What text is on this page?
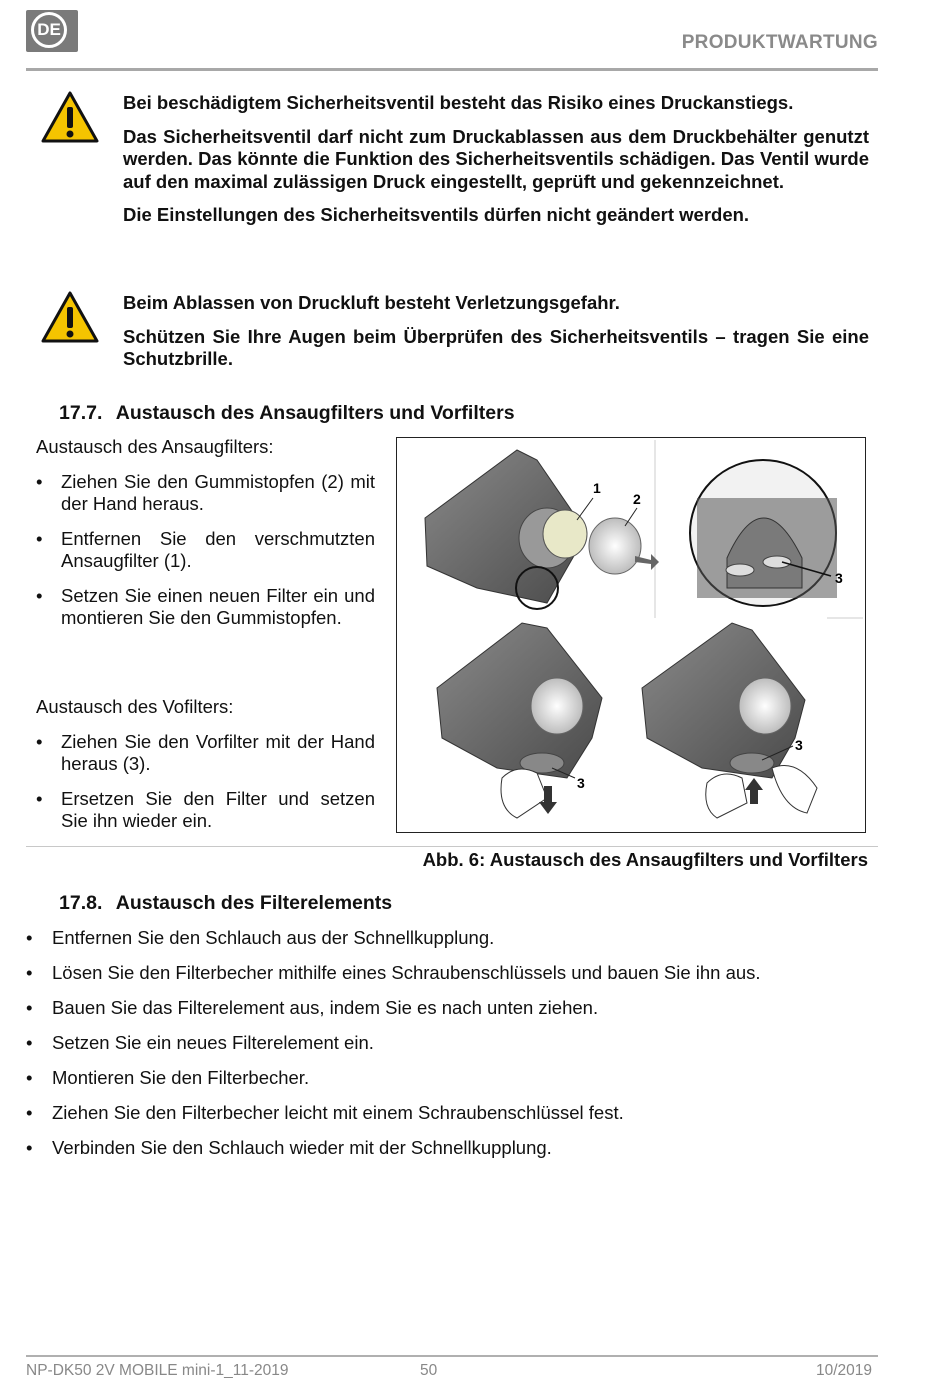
DE
PRODUKTWARTUNG

Bei beschädigtem Sicherheitsventil besteht das Risiko eines Druckanstiegs.

Das Sicherheitsventil darf nicht zum Druckablassen aus dem Druckbehälter genutzt werden. Das könnte die Funktion des Sicherheitsventils schädigen. Das Ventil wurde auf den maximal zulässigen Druck eingestellt, geprüft und gekennzeichnet.

Die Einstellungen des Sicherheitsventils dürfen nicht geändert werden.

Beim Ablassen von Druckluft besteht Verletzungsgefahr.

Schützen Sie Ihre Augen beim Überprüfen des Sicherheitsventils – tragen Sie eine Schutzbrille.

17.7. Austausch des Ansaugfilters und Vorfilters
Austausch des Ansaugfilters:
• Ziehen Sie den Gummistopfen (2) mit der Hand heraus.
• Entfernen Sie den verschmutzten Ansaugfilter (1).
• Setzen Sie einen neuen Filter ein und montieren Sie den Gummistopfen.
Austausch des Vofilters:
• Ziehen Sie den Vorfilter mit der Hand heraus (3).
• Ersetzen Sie den Filter und setzen Sie ihn wieder ein.
1
2
3
3
3
Abb. 6: Austausch des Ansaugfilters und Vorfilters
17.8. Austausch des Filterelements
• Entfernen Sie den Schlauch aus der Schnellkupplung.
• Lösen Sie den Filterbecher mithilfe eines Schraubenschlüssels und bauen Sie ihn aus.
• Bauen Sie das Filterelement aus, indem Sie es nach unten ziehen.
• Setzen Sie ein neues Filterelement ein.
• Montieren Sie den Filterbecher.
• Ziehen Sie den Filterbecher leicht mit einem Schraubenschlüssel fest.
• Verbinden Sie den Schlauch wieder mit der Schnellkupplung.
NP-DK50 2V MOBILE mini-1_11-2019	50	10/2019
